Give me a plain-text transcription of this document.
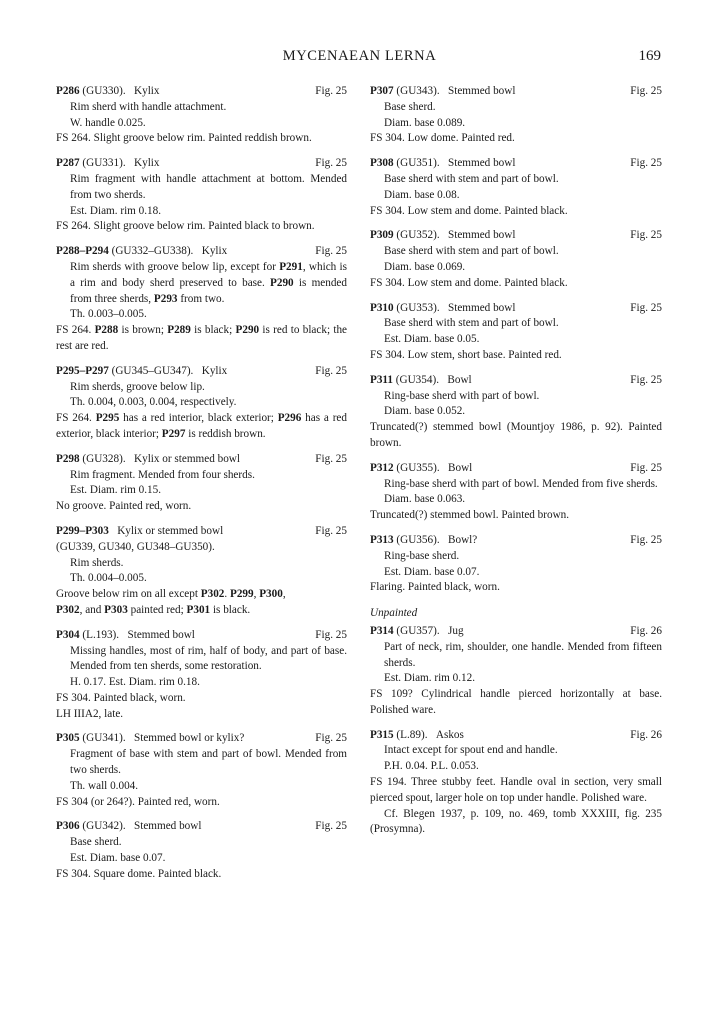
MYCENAEAN LERNA	169
P286 (GU330). Kylix	Fig. 25
Rim sherd with handle attachment.
W. handle 0.025.
FS 264. Slight groove below rim. Painted reddish brown.
P287 (GU331). Kylix	Fig. 25
Rim fragment with handle attachment at bottom. Mended from two sherds.
Est. Diam. rim 0.18.
FS 264. Slight groove below rim. Painted black to brown.
P288–P294 (GU332–GU338). Kylix	Fig. 25
Rim sherds with groove below lip, except for P291, which is a rim and body sherd preserved to base. P290 is mended from three sherds, P293 from two.
Th. 0.003–0.005.
FS 264. P288 is brown; P289 is black; P290 is red to black; the rest are red.
P295–P297 (GU345–GU347). Kylix	Fig. 25
Rim sherds, groove below lip.
Th. 0.004, 0.003, 0.004, respectively.
FS 264. P295 has a red interior, black exterior; P296 has a red exterior, black interior; P297 is reddish brown.
P298 (GU328). Kylix or stemmed bowl	Fig. 25
Rim fragment. Mended from four sherds.
Est. Diam. rim 0.15.
No groove. Painted red, worn.
P299–P303 Kylix or stemmed bowl	Fig. 25
(GU339, GU340, GU348–GU350).
Rim sherds.
Th. 0.004–0.005.
Groove below rim on all except P302. P299, P300,
P302, and P303 painted red; P301 is black.
P304 (L.193). Stemmed bowl	Fig. 25
Missing handles, most of rim, half of body, and part of base. Mended from ten sherds, some restoration.
H. 0.17. Est. Diam. rim 0.18.
FS 304. Painted black, worn.
LH IIIA2, late.
P305 (GU341). Stemmed bowl or kylix?	Fig. 25
Fragment of base with stem and part of bowl. Mended from two sherds.
Th. wall 0.004.
FS 304 (or 264?). Painted red, worn.
P306 (GU342). Stemmed bowl	Fig. 25
Base sherd.
Est. Diam. base 0.07.
FS 304. Square dome. Painted black.
P307 (GU343). Stemmed bowl	Fig. 25
Base sherd.
Diam. base 0.089.
FS 304. Low dome. Painted red.
P308 (GU351). Stemmed bowl	Fig. 25
Base sherd with stem and part of bowl.
Diam. base 0.08.
FS 304. Low stem and dome. Painted black.
P309 (GU352). Stemmed bowl	Fig. 25
Base sherd with stem and part of bowl.
Diam. base 0.069.
FS 304. Low stem and dome. Painted black.
P310 (GU353). Stemmed bowl	Fig. 25
Base sherd with stem and part of bowl.
Est. Diam. base 0.05.
FS 304. Low stem, short base. Painted red.
P311 (GU354). Bowl	Fig. 25
Ring-base sherd with part of bowl.
Diam. base 0.052.
Truncated(?) stemmed bowl (Mountjoy 1986, p. 92). Painted brown.
P312 (GU355). Bowl	Fig. 25
Ring-base sherd with part of bowl. Mended from five sherds.
Diam. base 0.063.
Truncated(?) stemmed bowl. Painted brown.
P313 (GU356). Bowl?	Fig. 25
Ring-base sherd.
Est. Diam. base 0.07.
Flaring. Painted black, worn.
Unpainted
P314 (GU357). Jug	Fig. 26
Part of neck, rim, shoulder, one handle. Mended from fifteen sherds.
Est. Diam. rim 0.12.
FS 109? Cylindrical handle pierced horizontally at base. Polished ware.
P315 (L.89). Askos	Fig. 26
Intact except for spout end and handle.
P.H. 0.04. P.L. 0.053.
FS 194. Three stubby feet. Handle oval in section, very small pierced spout, larger hole on top under handle. Polished ware.
Cf. Blegen 1937, p. 109, no. 469, tomb XXXIII, fig. 235 (Prosymna).
